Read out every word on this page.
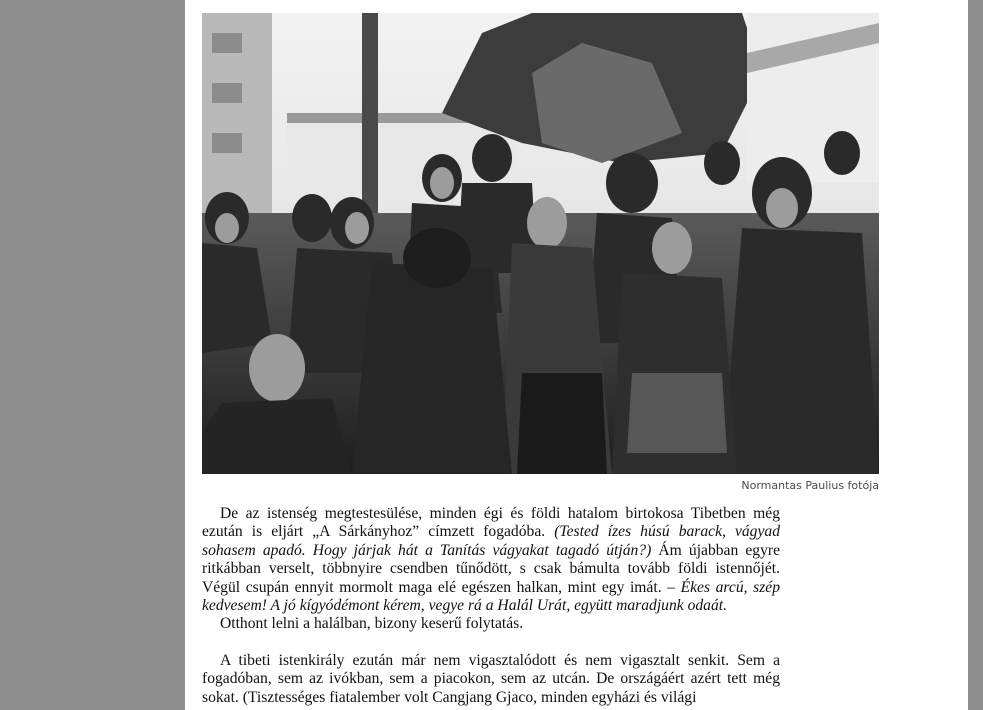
Normantas Paulius fotója

De az istenség megtestesülése, minden égi és földi hatalom birtokosa Tibetben még ezután is eljárt „A Sárkányhoz” címzett fogadóba. (Tested ízes húsú barack, vágyad sohasem apadó. Hogy járjak hát a Tanítás vágyakat tagadó útján?) Ám újabban egyre ritkábban verselt, többnyire csendben tűnődött, s csak bámulta tovább földi istennőjét. Végül csupán ennyit mormolt maga elé egészen halkan, mint egy imát. – Ékes arcú, szép kedvesem! A jó kígyódémont kérem, vegye rá a Halál Urát, együtt maradjunk odaát.

Otthont lelni a halálban, bizony keserű folytatás.

A tibeti istenkirály ezután már nem vigasztalódott és nem vigasztalt senkit. Sem a fogadóban, sem az ivókban, sem a piacokon, sem az utcán. De országáért azért tett még sokat. (Tisztességes fiatalember volt Cangjang Gjaco, minden egyházi és világi
